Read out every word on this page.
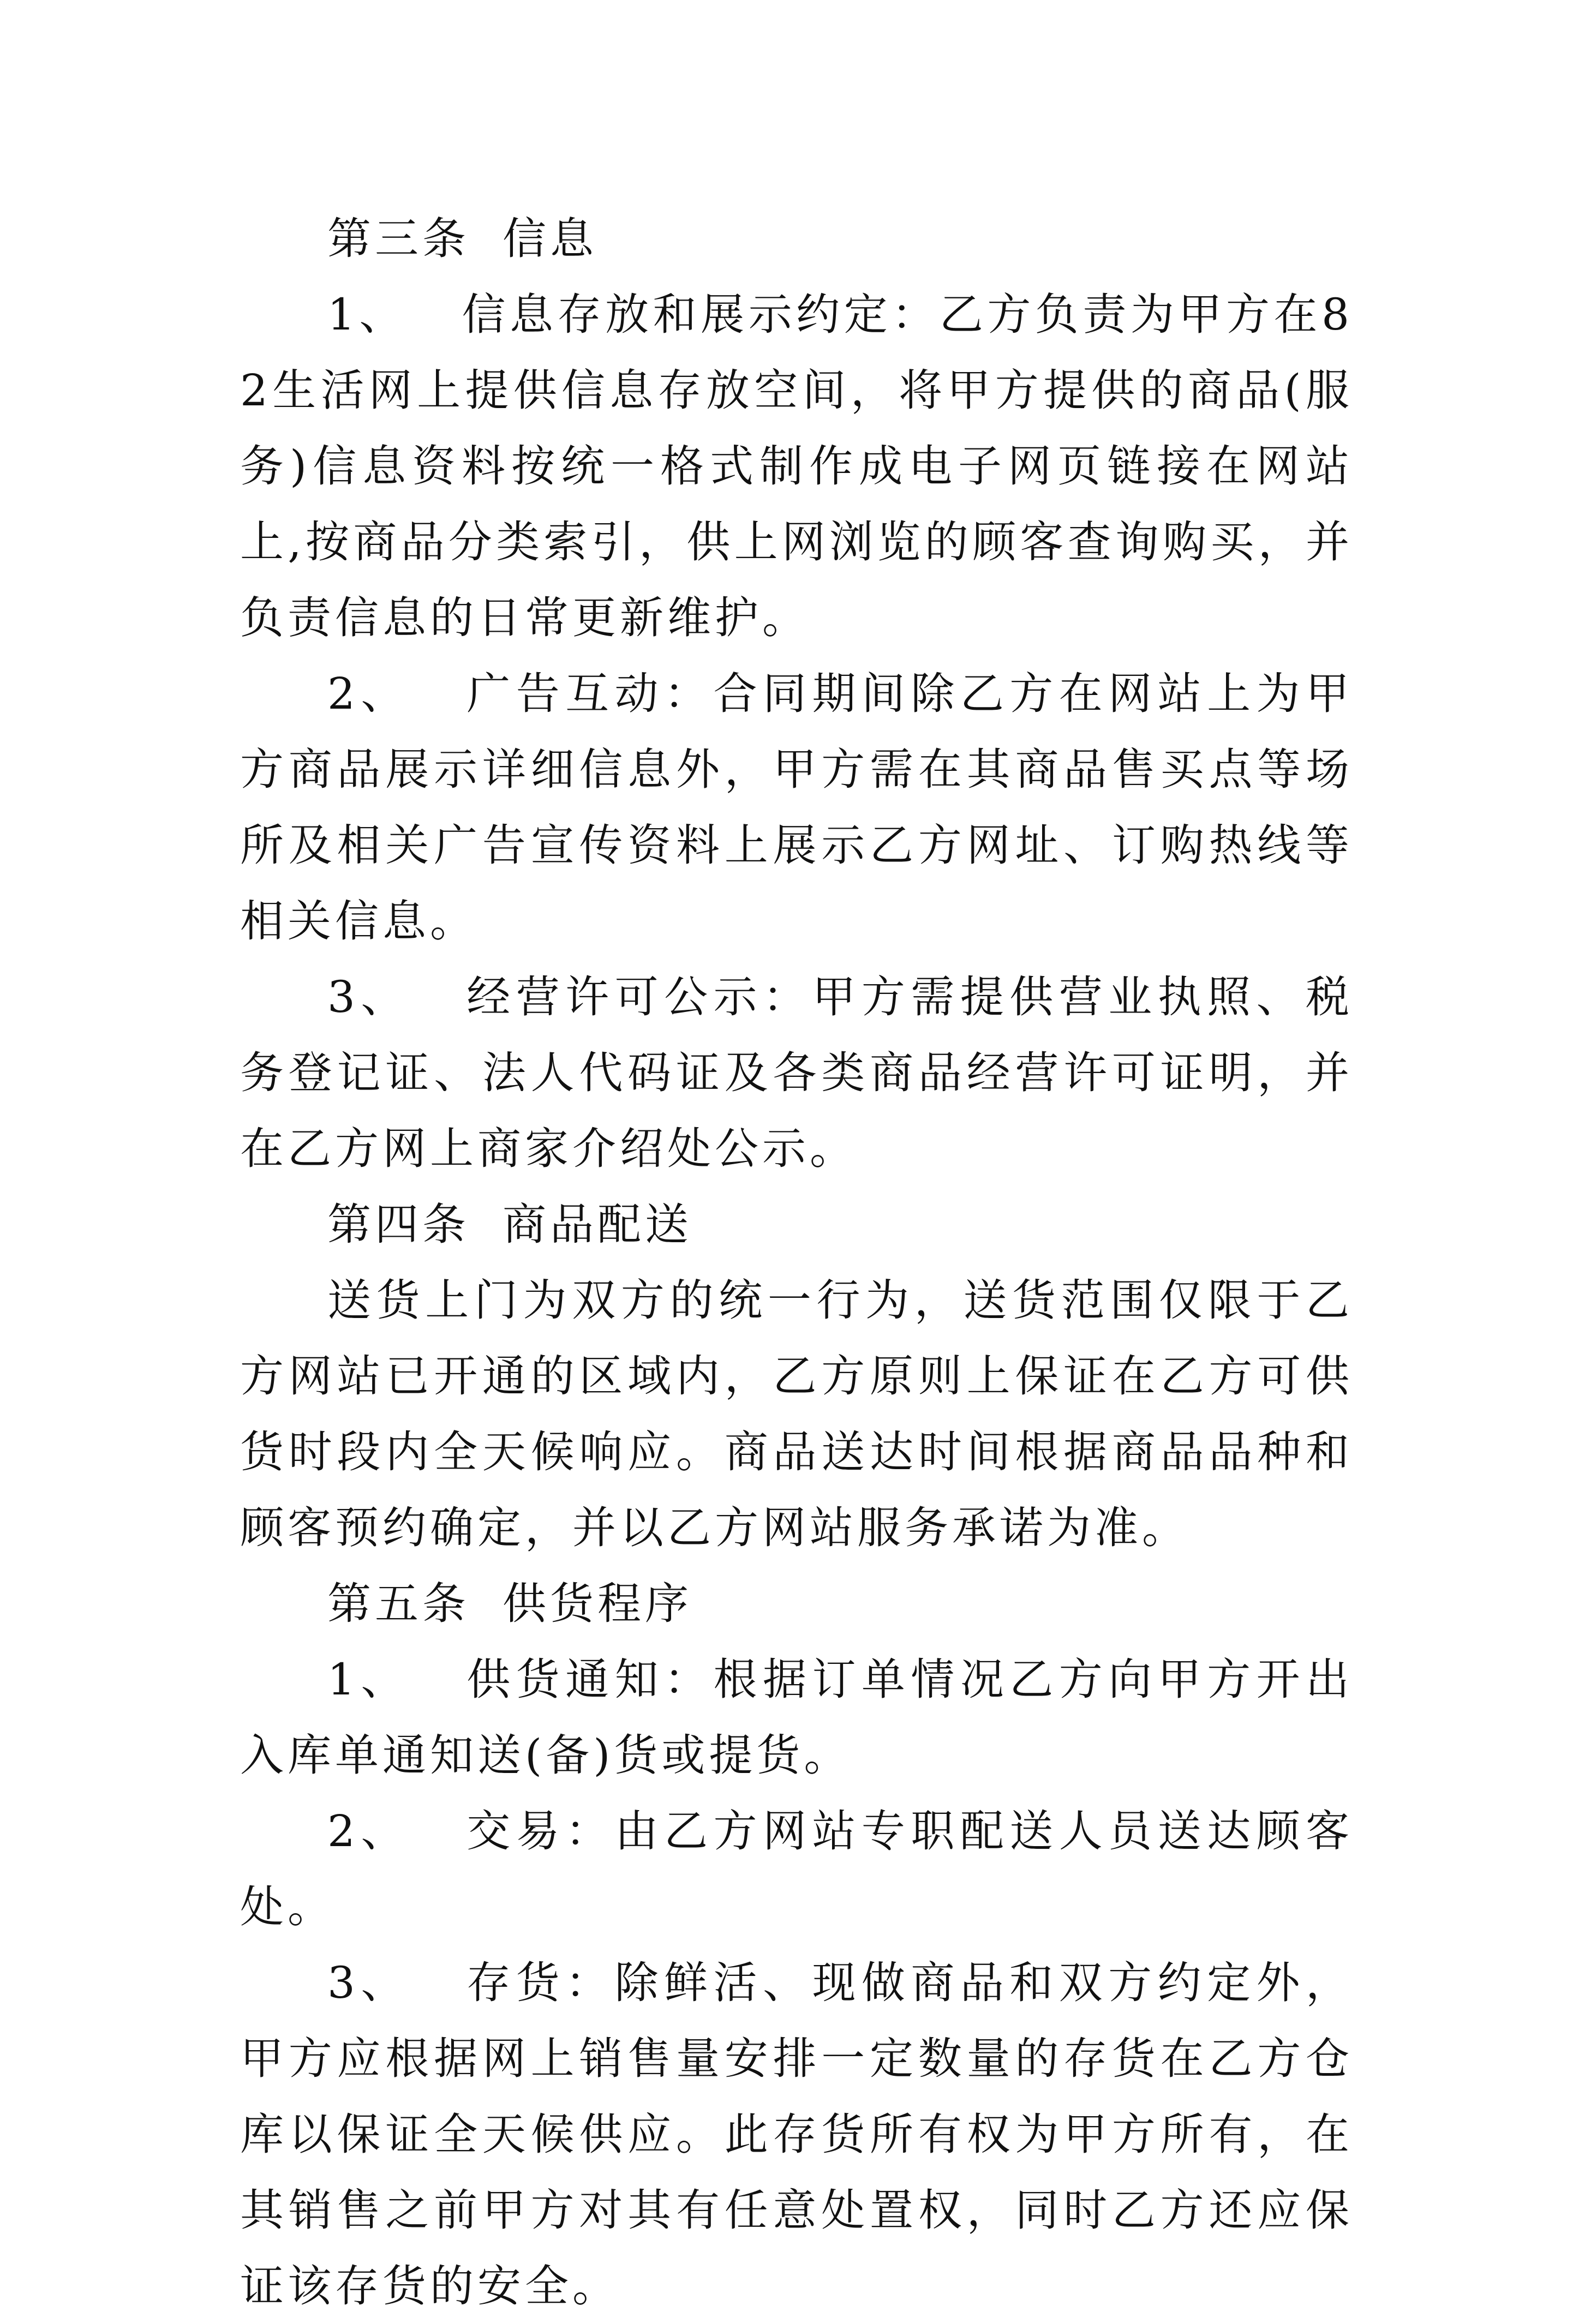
第三条 信息

1、 信息存放和展示约定：乙方负责为甲方在82生活网上提供信息存放空间，将甲方提供的商品(服务)信息资料按统一格式制作成电子网页链接在网站上,按商品分类索引，供上网浏览的顾客查询购买，并负责信息的日常更新维护。

2、 广告互动：合同期间除乙方在网站上为甲方商品展示详细信息外，甲方需在其商品售买点等场所及相关广告宣传资料上展示乙方网址、订购热线等相关信息。

3、 经营许可公示：甲方需提供营业执照、税务登记证、法人代码证及各类商品经营许可证明，并在乙方网上商家介绍处公示。

第四条 商品配送

送货上门为双方的统一行为，送货范围仅限于乙方网站已开通的区域内，乙方原则上保证在乙方可供货时段内全天候响应。商品送达时间根据商品品种和顾客预约确定，并以乙方网站服务承诺为准。

第五条 供货程序

1、 供货通知：根据订单情况乙方向甲方开出入库单通知送(备)货或提货。

2、 交易：由乙方网站专职配送人员送达顾客处。

3、 存货：除鲜活、现做商品和双方约定外，甲方应根据网上销售量安排一定数量的存货在乙方仓库以保证全天候供应。此存货所有权为甲方所有，在其销售之前甲方对其有任意处置权，同时乙方还应保证该存货的安全。
